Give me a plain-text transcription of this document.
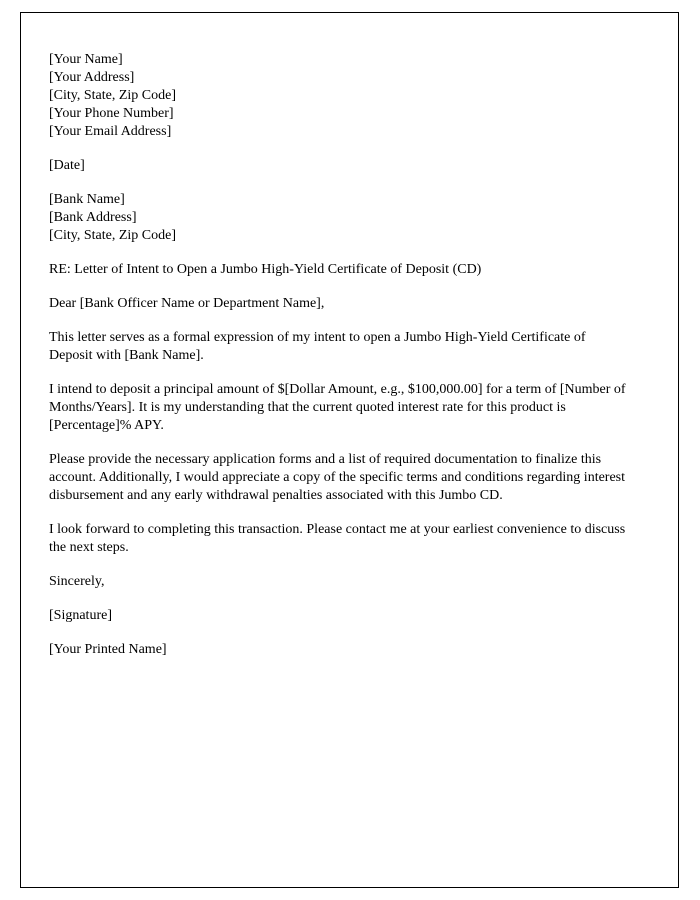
[Your Name]
[Your Address]
[City, State, Zip Code]
[Your Phone Number]
[Your Email Address]
[Date]
[Bank Name]
[Bank Address]
[City, State, Zip Code]

RE: Letter of Intent to Open a Jumbo High-Yield Certificate of Deposit (CD)

Dear [Bank Officer Name or Department Name],

This letter serves as a formal expression of my intent to open a Jumbo High-Yield Certificate of Deposit with [Bank Name].

I intend to deposit a principal amount of $[Dollar Amount, e.g., $100,000.00] for a term of [Number of Months/Years]. It is my understanding that the current quoted interest rate for this product is [Percentage]% APY.

Please provide the necessary application forms and a list of required documentation to finalize this account. Additionally, I would appreciate a copy of the specific terms and conditions regarding interest disbursement and any early withdrawal penalties associated with this Jumbo CD.

I look forward to completing this transaction. Please contact me at your earliest convenience to discuss the next steps.

Sincerely,

[Signature]

[Your Printed Name]
